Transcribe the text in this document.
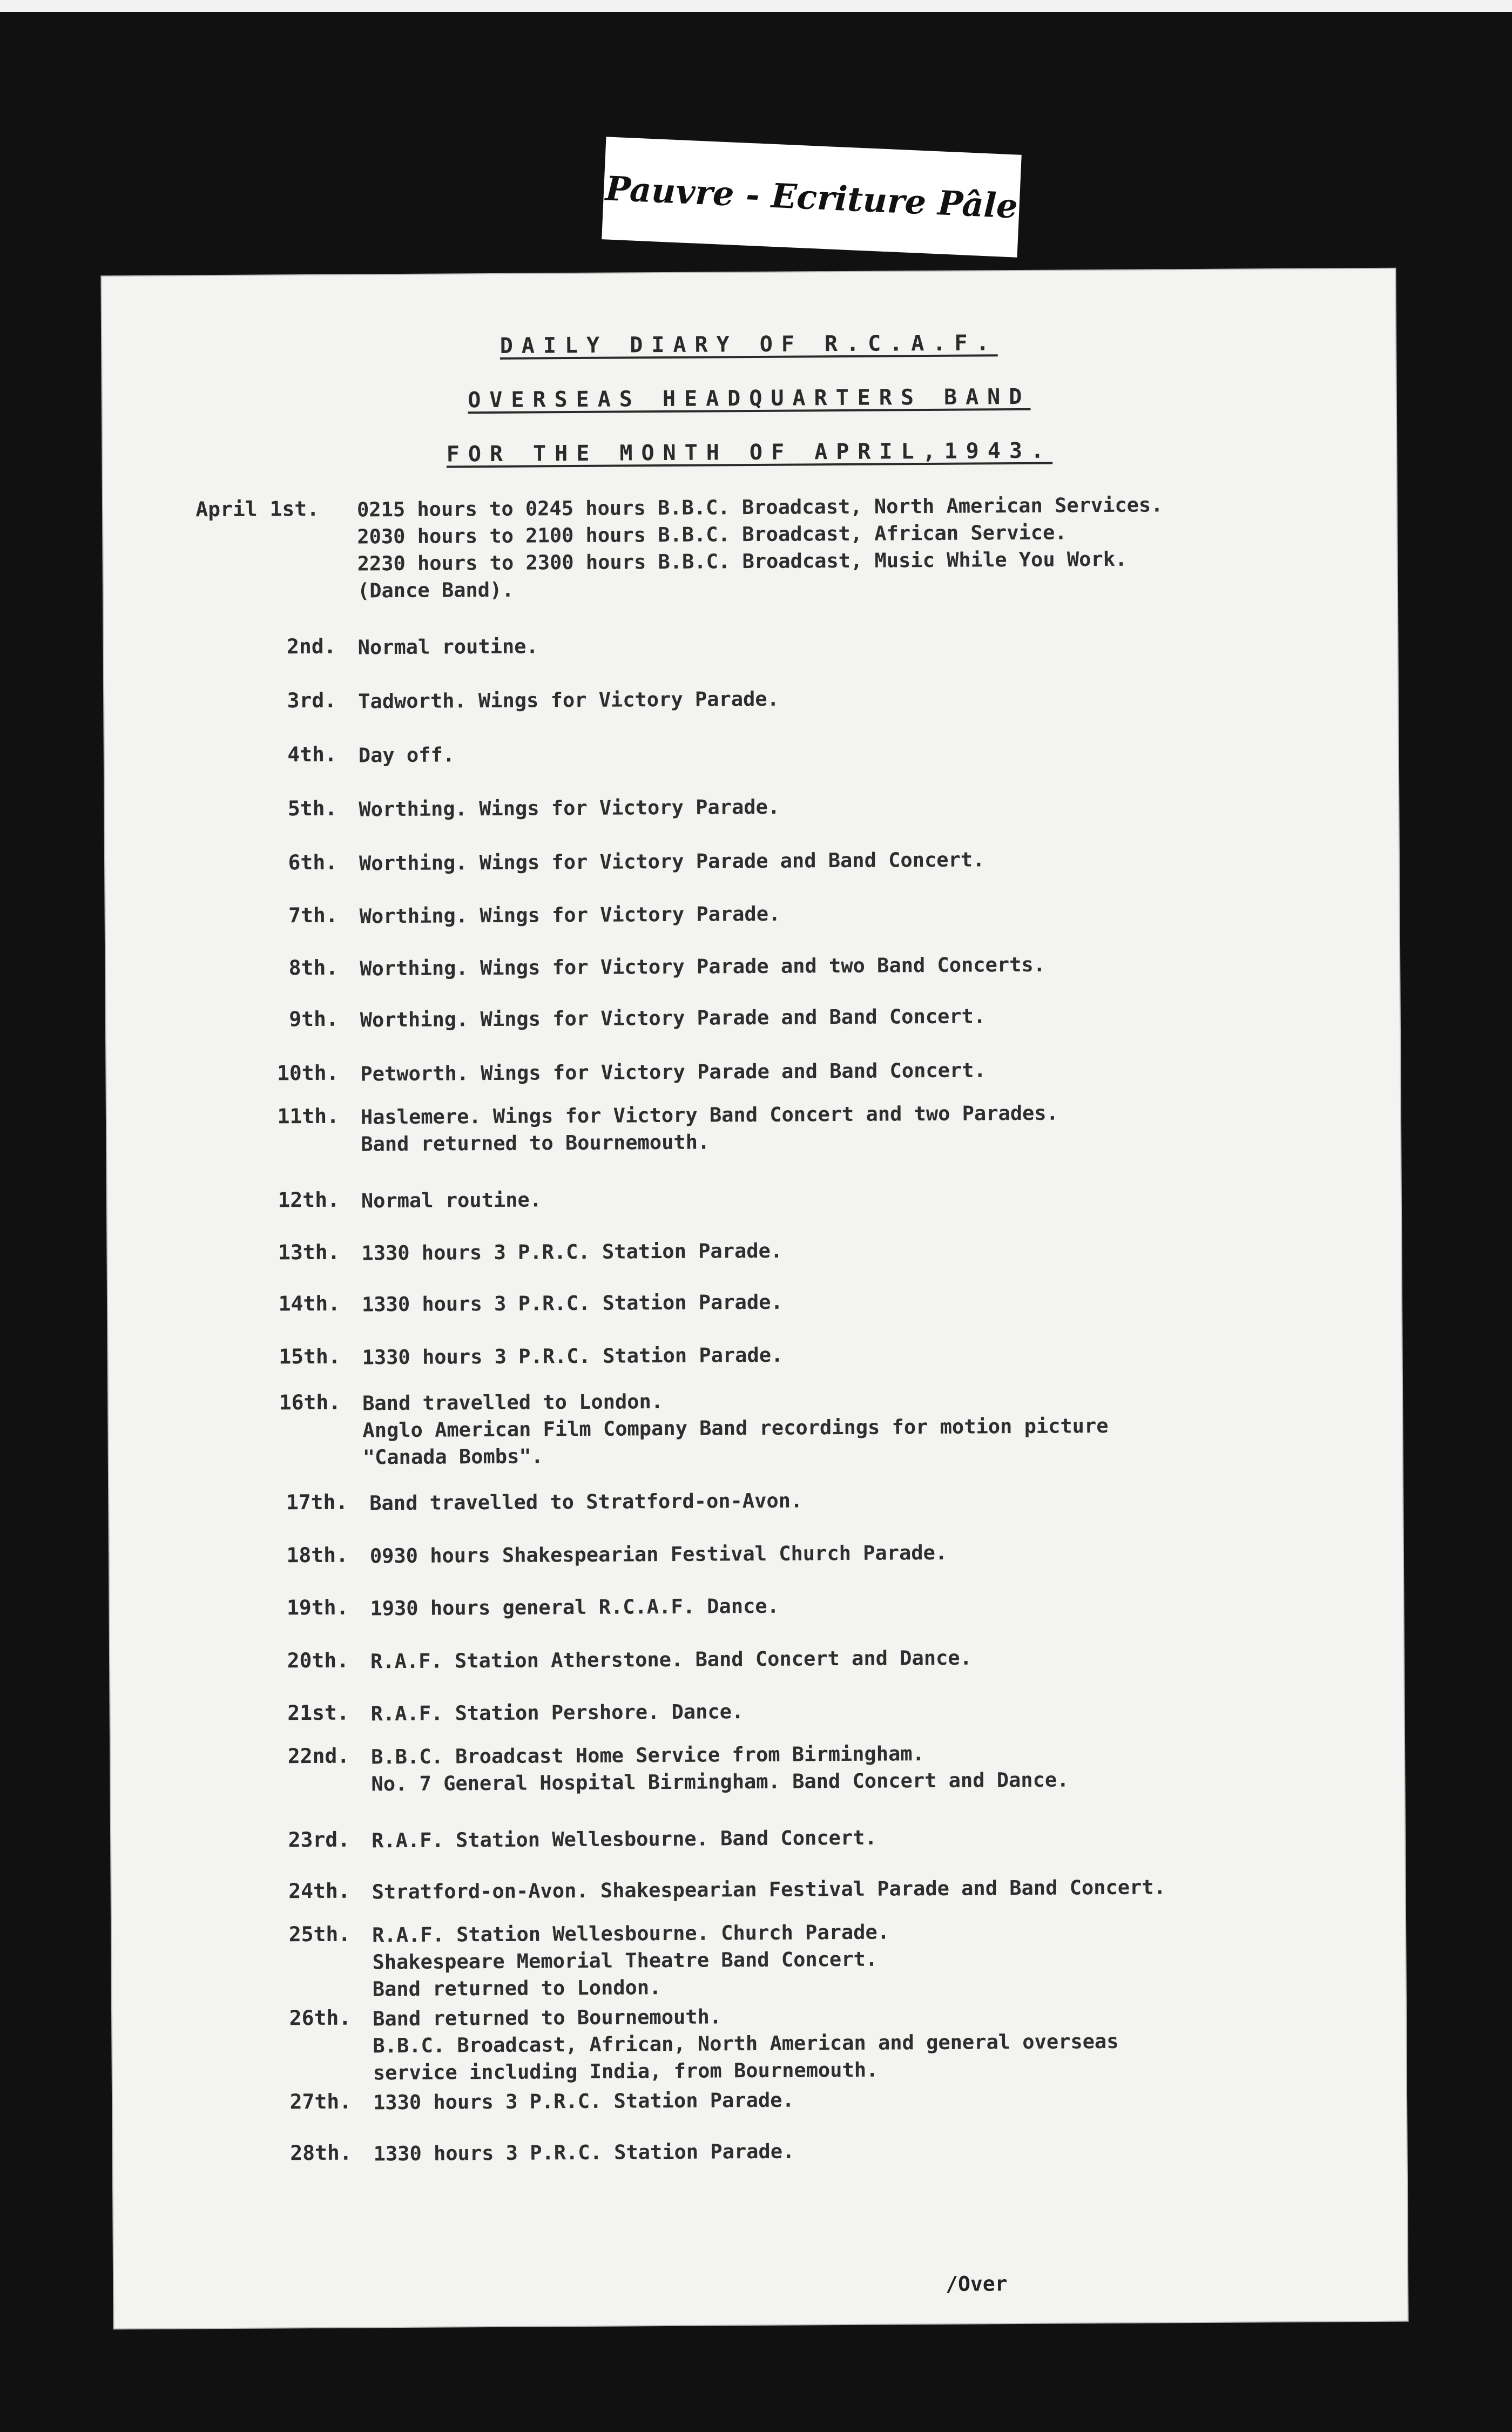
Pauvre - Ecriture Pâle
DAILY DIARY OF R.C.A.F.
OVERSEAS HEADQUARTERS BAND
FOR THE MONTH OF APRIL,1943.
April 1st. 0215 hours to 0245 hours B.B.C. Broadcast, North American Services.
2030 hours to 2100 hours B.B.C. Broadcast, African Service.
2230 hours to 2300 hours B.B.C. Broadcast, Music While You Work.
(Dance Band).
2nd. Normal routine.
3rd. Tadworth. Wings for Victory Parade.
4th. Day off.
5th. Worthing. Wings for Victory Parade.
6th. Worthing. Wings for Victory Parade and Band Concert.
7th. Worthing. Wings for Victory Parade.
8th. Worthing. Wings for Victory Parade and two Band Concerts.
9th. Worthing. Wings for Victory Parade and Band Concert.
10th. Petworth. Wings for Victory Parade and Band Concert.
11th. Haslemere. Wings for Victory Band Concert and two Parades.
Band returned to Bournemouth.
12th. Normal routine.
13th. 1330 hours 3 P.R.C. Station Parade.
14th. 1330 hours 3 P.R.C. Station Parade.
15th. 1330 hours 3 P.R.C. Station Parade.
16th. Band travelled to London.
Anglo American Film Company Band recordings for motion picture
"Canada Bombs".
17th. Band travelled to Stratford-on-Avon.
18th. 0930 hours Shakespearian Festival Church Parade.
19th. 1930 hours general R.C.A.F. Dance.
20th. R.A.F. Station Atherstone. Band Concert and Dance.
21st. R.A.F. Station Pershore. Dance.
22nd. B.B.C. Broadcast Home Service from Birmingham.
No. 7 General Hospital Birmingham. Band Concert and Dance.
23rd. R.A.F. Station Wellesbourne. Band Concert.
24th. Stratford-on-Avon. Shakespearian Festival Parade and Band Concert.
25th. R.A.F. Station Wellesbourne. Church Parade.
Shakespeare Memorial Theatre Band Concert.
Band returned to London.
26th. Band returned to Bournemouth.
B.B.C. Broadcast, African, North American and general overseas
service including India, from Bournemouth.
27th. 1330 hours 3 P.R.C. Station Parade.
28th. 1330 hours 3 P.R.C. Station Parade.
/Over
